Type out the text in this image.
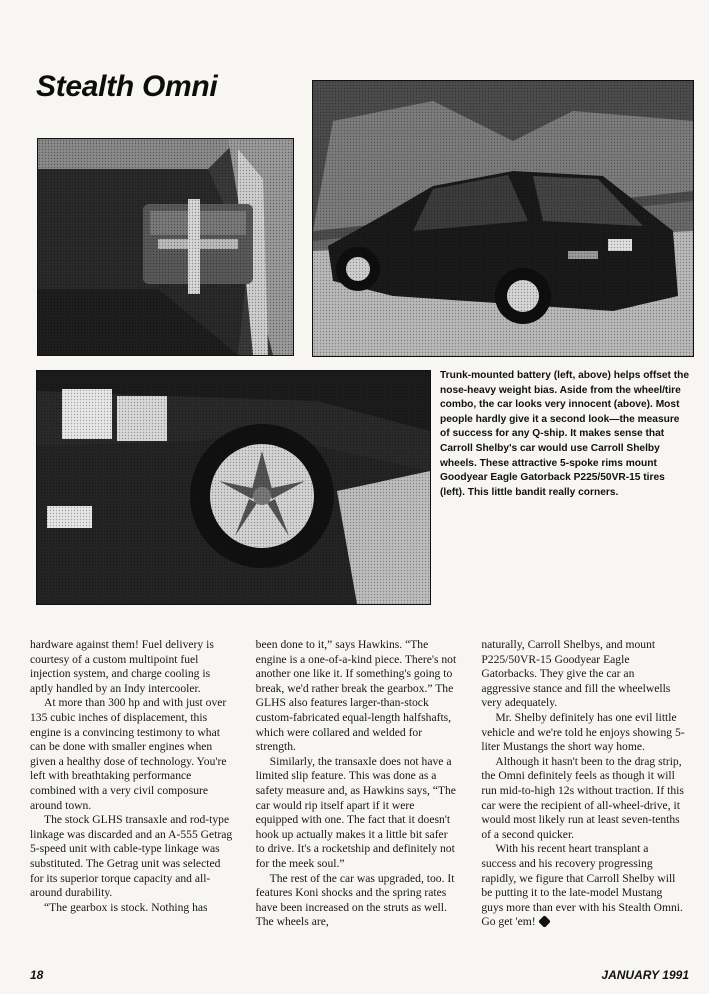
Stealth Omni

Trunk-mounted battery (left, above) helps offset the nose-heavy weight bias. Aside from the wheel/tire combo, the car looks very innocent (above). Most people hardly give it a second look—the measure of success for any Q-ship. It makes sense that Carroll Shelby's car would use Carroll Shelby wheels. These attractive 5-spoke rims mount Goodyear Eagle Gatorback P225/50VR-15 tires (left). This little bandit really corners.

hardware against them! Fuel delivery is courtesy of a custom multipoint fuel injection system, and charge cooling is aptly handled by an Indy intercooler.

At more than 300 hp and with just over 135 cubic inches of displacement, this engine is a convincing testimony to what can be done with smaller engines when given a healthy dose of technology. You're left with breathtaking performance combined with a very civil composure around town.

The stock GLHS transaxle and rod-type linkage was discarded and an A-555 Getrag 5-speed unit with cable-type linkage was substituted. The Getrag unit was selected for its superior torque capacity and all-around durability.

“The gearbox is stock. Nothing has

been done to it,” says Hawkins. “The engine is a one-of-a-kind piece. There's not another one like it. If something's going to break, we'd rather break the gearbox.” The GLHS also features larger-than-stock custom-fabricated equal-length halfshafts, which were collared and welded for strength.

Similarly, the transaxle does not have a limited slip feature. This was done as a safety measure and, as Hawkins says, “The car would rip itself apart if it were equipped with one. The fact that it doesn't hook up actually makes it a little bit safer to drive. It's a rocketship and definitely not for the meek soul.”

The rest of the car was upgraded, too. It features Koni shocks and the spring rates have been increased on the struts as well. The wheels are,

naturally, Carroll Shelbys, and mount P225/50VR-15 Goodyear Eagle Gatorbacks. They give the car an aggressive stance and fill the wheelwells very adequately.

Mr. Shelby definitely has one evil little vehicle and we're told he enjoys showing 5-liter Mustangs the short way home.

Although it hasn't been to the drag strip, the Omni definitely feels as though it will run mid-to-high 12s without traction. If this car were the recipient of all-wheel-drive, it would most likely run at least seven-tenths of a second quicker.

With his recent heart transplant a success and his recovery progressing rapidly, we figure that Carroll Shelby will be putting it to the late-model Mustang guys more than ever with his Stealth Omni. Go get 'em!

18	JANUARY 1991
